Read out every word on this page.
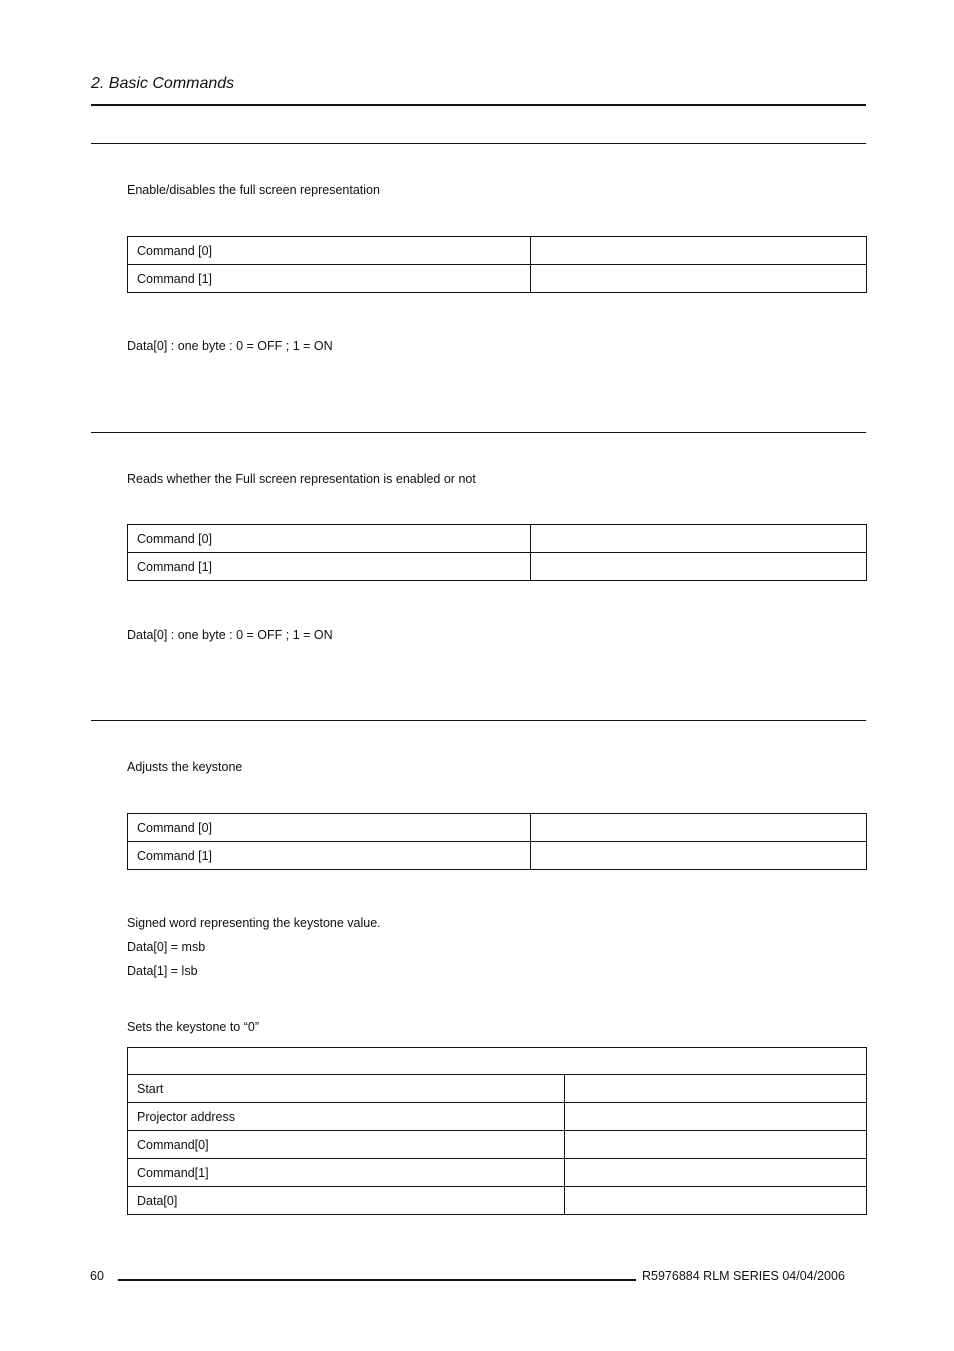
2. Basic Commands
Enable/disables the full screen representation
Command [0]	
Command [1]	
Data[0] : one byte : 0 = OFF ; 1 = ON
Reads whether the Full screen representation is enabled or not
Command [0]	
Command [1]	
Data[0] : one byte : 0 = OFF ; 1 = ON
Adjusts the keystone
Command [0]	
Command [1]	
Signed word representing the keystone value.
Data[0] = msb
Data[1] = lsb
Sets the keystone to “0”

Start	
Projector address	
Command[0]	
Command[1]	
Data[0]	
60	R5976884 RLM SERIES 04/04/2006
